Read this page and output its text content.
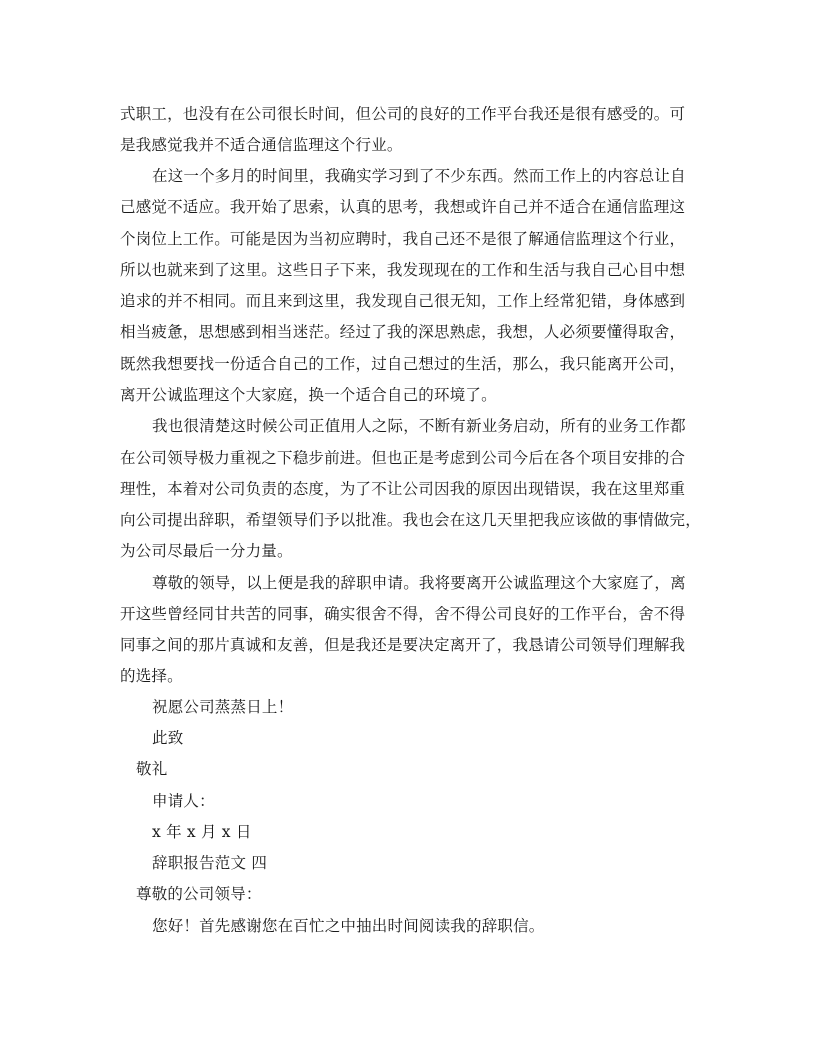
式职工，也没有在公司很长时间，但公司的良好的工作平台我还是很有感受的。可
是我感觉我并不适合通信监理这个行业。
在这一个多月的时间里，我确实学习到了不少东西。然而工作上的内容总让自
己感觉不适应。我开始了思索，认真的思考，我想或许自己并不适合在通信监理这
个岗位上工作。可能是因为当初应聘时，我自己还不是很了解通信监理这个行业，
所以也就来到了这里。这些日子下来，我发现现在的工作和生活与我自己心目中想
追求的并不相同。而且来到这里，我发现自己很无知，工作上经常犯错，身体感到
相当疲惫，思想感到相当迷茫。经过了我的深思熟虑，我想，人必须要懂得取舍，
既然我想要找一份适合自己的工作，过自己想过的生活，那么，我只能离开公司，
离开公诚监理这个大家庭，换一个适合自己的环境了。
我也很清楚这时候公司正值用人之际，不断有新业务启动，所有的业务工作都
在公司领导极力重视之下稳步前进。但也正是考虑到公司今后在各个项目安排的合
理性，本着对公司负责的态度，为了不让公司因我的原因出现错误，我在这里郑重
向公司提出辞职，希望领导们予以批准。我也会在这几天里把我应该做的事情做完，
为公司尽最后一分力量。
尊敬的领导，以上便是我的辞职申请。我将要离开公诚监理这个大家庭了，离
开这些曾经同甘共苦的同事，确实很舍不得，舍不得公司良好的工作平台，舍不得
同事之间的那片真诚和友善，但是我还是要决定离开了，我恳请公司领导们理解我
的选择。
祝愿公司蒸蒸日上！
此致
敬礼
申请人：
x 年 x 月 x 日
辞职报告范文 四
尊敬的公司领导：
您好！首先感谢您在百忙之中抽出时间阅读我的辞职信。
